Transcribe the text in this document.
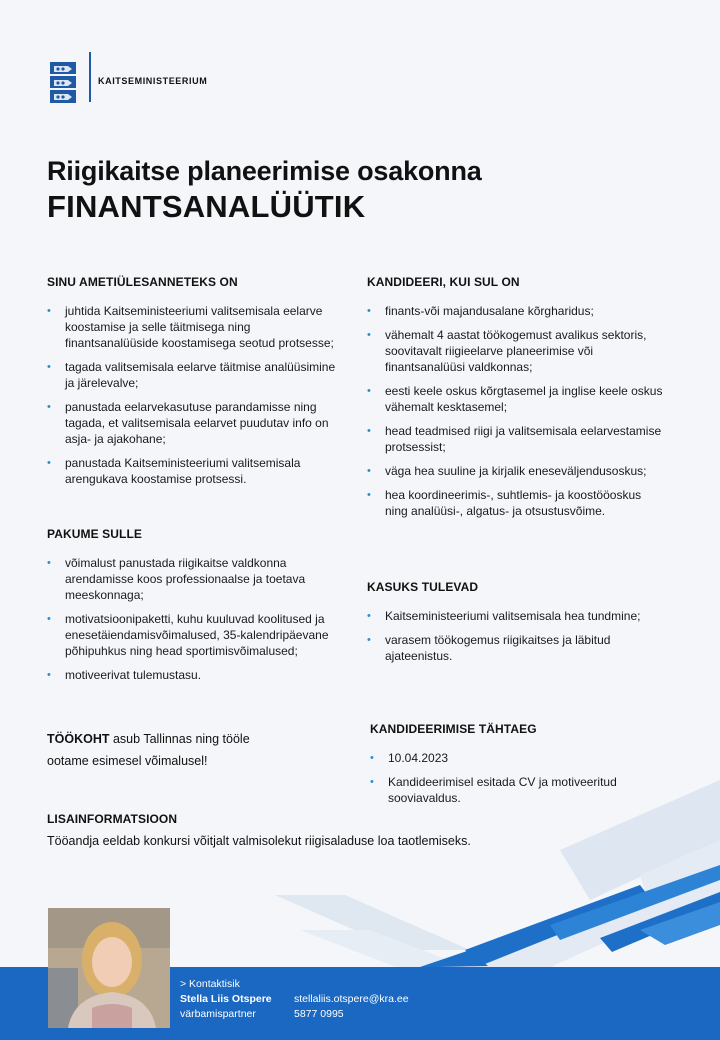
KAITSEMINISTEERIUM
Riigikaitse planeerimise osakonna
FINANTSANALÜÜTIK
SINU AMETIÜLESANNETEKS ON
• juhtida Kaitseministeeriumi valitsemisala eelarve koostamise ja selle täitmisega ning finantsanalüüside koostamisega seotud protsesse;
• tagada valitsemisala eelarve täitmise analüüsimine ja järelevalve;
• panustada eelarvekasutuse parandamisse ning tagada, et valitsemisala eelarvet puudutav info on asja- ja ajakohane;
• panustada Kaitseministeeriumi valitsemisala arengukava koostamise protsessi.
PAKUME SULLE
• võimalust panustada riigikaitse valdkonna arendamisse koos professionaalse ja toetava meeskonnaga;
• motivatsioonipaketti, kuhu kuuluvad koolitused ja enesetäiendamisvõimalused, 35-kalendripäevane põhipuhkus ning head sportimisvõimalused;
• motiveerivat tulemustasu.
TÖÖKOHT asub Tallinnas ning tööle
ootame esimesel võimalusel!
KANDIDEERI, KUI SUL ON
• finants-või majandusalane kõrgharidus;
• vähemalt 4 aastat töökogemust avalikus sektoris, soovitavalt riigieelarve planeerimise või finantsanalüüsi valdkonnas;
• eesti keele oskus kõrgtasemel ja inglise keele oskus vähemalt kesktasemel;
• head teadmised riigi ja valitsemisala eelarvestamise protsessist;
• väga hea suuline ja kirjalik eneseväljendusoskus;
• hea koordineerimis-, suhtlemis- ja koostööoskus ning analüüsi-, algatus- ja otsustusvõime.
KASUKS TULEVAD
• Kaitseministeeriumi valitsemisala hea tundmine;
• varasem töökogemus riigikaitses ja läbitud ajateenistus.
KANDIDEERIMISE TÄHTAEG
• 10.04.2023
• Kandideerimisel esitada CV ja motiveeritud sooviavaldus.
LISAINFORMATSIOON
Tööandja eeldab konkursi võitjalt valmisolekut riigisaladuse loa taotlemiseks.
> Kontaktisik
Stella Liis Otspere
värbamispartner
stellaliis.otspere@kra.ee
5877 0995
